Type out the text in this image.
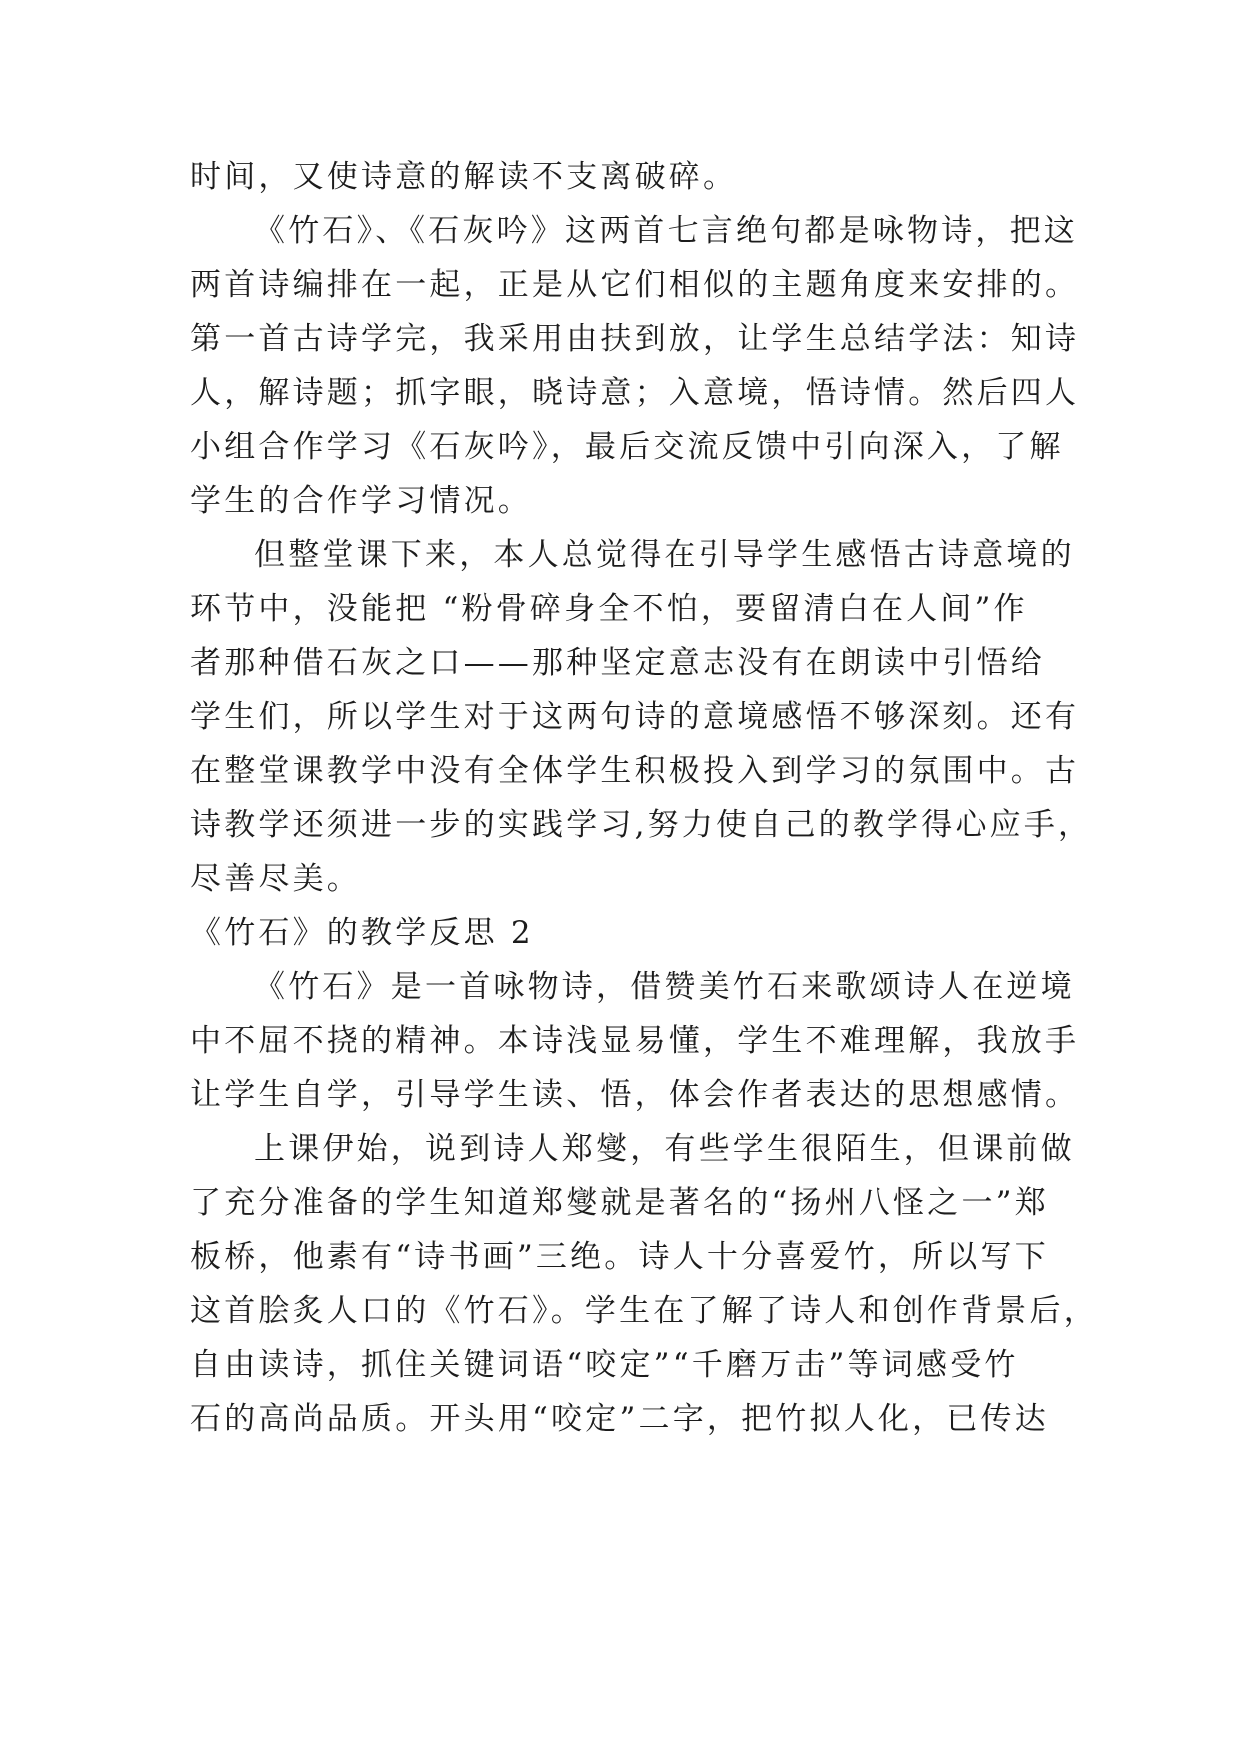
时间，又使诗意的解读不支离破碎。
《竹石》、《石灰吟》这两首七言绝句都是咏物诗，把这
两首诗编排在一起，正是从它们相似的主题角度来安排的。
第一首古诗学完，我采用由扶到放，让学生总结学法：知诗
人，解诗题；抓字眼，晓诗意；入意境，悟诗情。然后四人
小组合作学习《石灰吟》，最后交流反馈中引向深入，了解
学生的合作学习情况。
但整堂课下来，本人总觉得在引导学生感悟古诗意境的
环节中，没能把 “粉骨碎身全不怕，要留清白在人间”作
者那种借石灰之口——那种坚定意志没有在朗读中引悟给
学生们，所以学生对于这两句诗的意境感悟不够深刻。还有
在整堂课教学中没有全体学生积极投入到学习的氛围中。古
诗教学还须进一步的实践学习,努力使自己的教学得心应手，
尽善尽美。
《竹石》的教学反思 2
《竹石》是一首咏物诗，借赞美竹石来歌颂诗人在逆境
中不屈不挠的精神。本诗浅显易懂，学生不难理解，我放手
让学生自学，引导学生读、悟，体会作者表达的思想感情。
上课伊始，说到诗人郑燮，有些学生很陌生，但课前做
了充分准备的学生知道郑燮就是著名的“扬州八怪之一”郑
板桥，他素有“诗书画”三绝。诗人十分喜爱竹，所以写下
这首脍炙人口的《竹石》。学生在了解了诗人和创作背景后，
自由读诗，抓住关键词语“咬定”“千磨万击”等词感受竹
石的高尚品质。开头用“咬定”二字，把竹拟人化，已传达
